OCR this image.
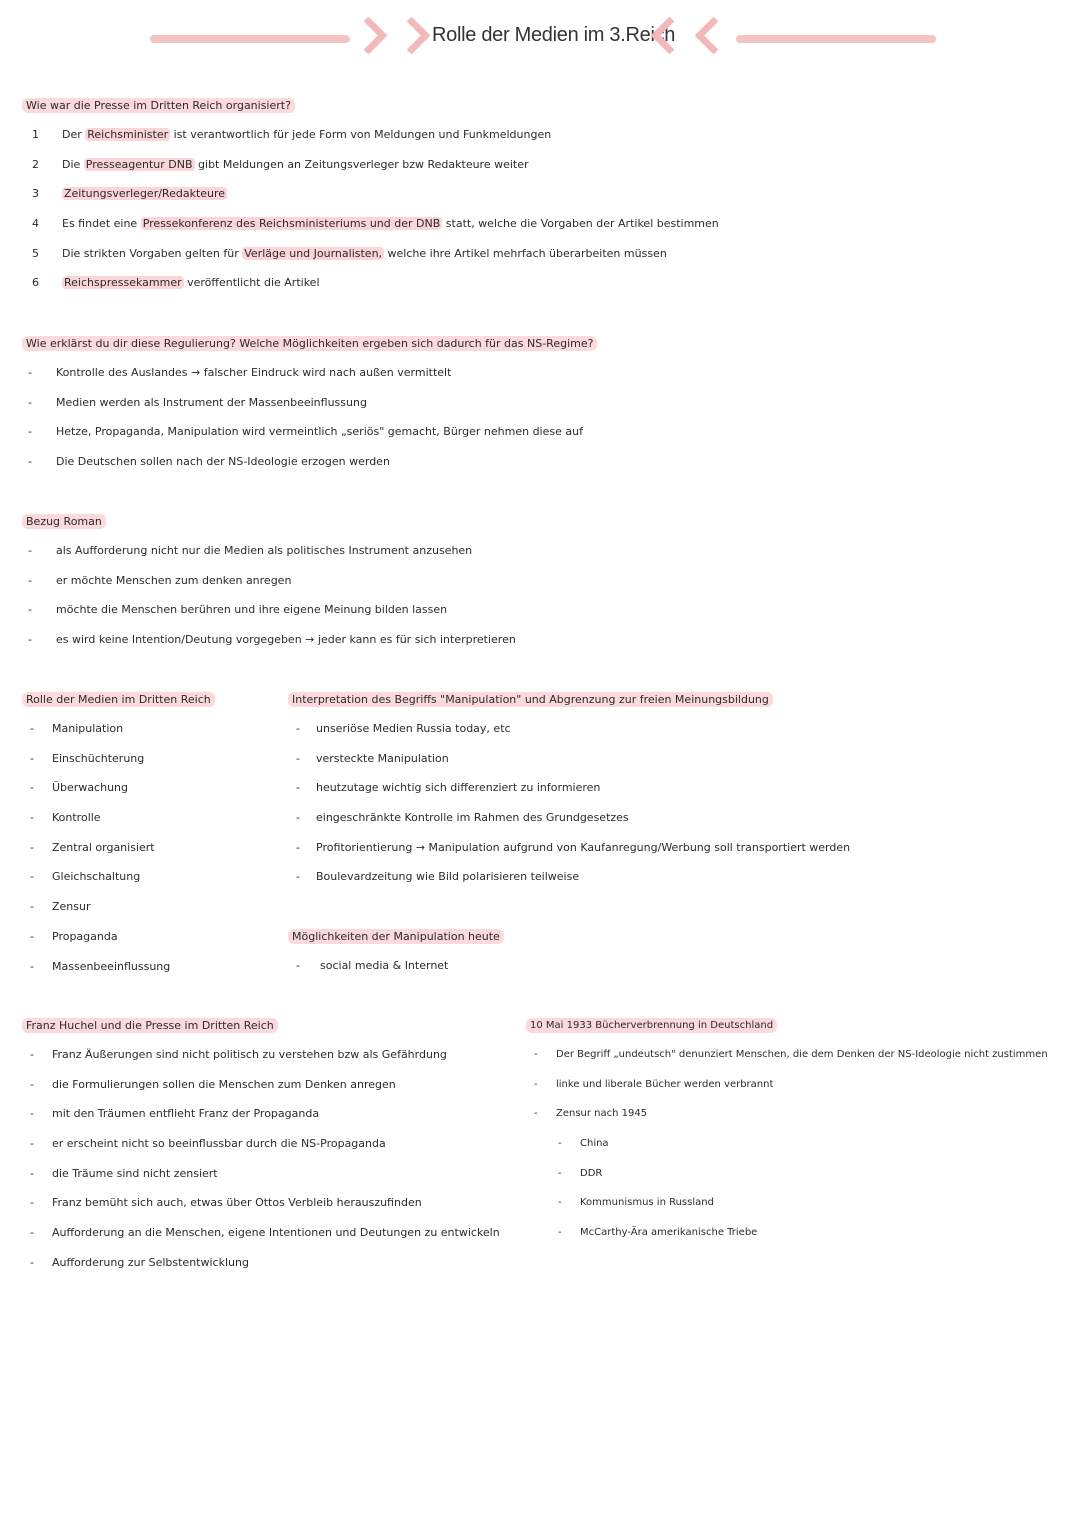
Rolle der Medien im 3.Reich
Wie war die Presse im Dritten Reich organisiert?
1 Der Reichsminister ist verantwortlich für jede Form von Meldungen und Funkmeldungen
2 Die Presseagentur DNB gibt Meldungen an Zeitungsverleger bzw Redakteure weiter
3 Zeitungsverleger/Redakteure
4 Es findet eine Pressekonferenz des Reichsministeriums und der DNB statt, welche die Vorgaben der Artikel bestimmen
5 Die strikten Vorgaben gelten für Verläge und Journalisten, welche ihre Artikel mehrfach überarbeiten müssen
6 Reichspressekammer veröffentlicht die Artikel
Wie erklärst du dir diese Regulierung? Welche Möglichkeiten ergeben sich dadurch für das NS-Regime?
- Kontrolle des Auslandes → falscher Eindruck wird nach außen vermittelt
- Medien werden als Instrument der Massenbeeinflussung
- Hetze, Propaganda, Manipulation wird vermeintlich „seriös" gemacht, Bürger nehmen diese auf
- Die Deutschen sollen nach der NS-Ideologie erzogen werden
Bezug Roman
- als Aufforderung nicht nur die Medien als politisches Instrument anzusehen
- er möchte Menschen zum denken anregen
- möchte die Menschen berühren und ihre eigene Meinung bilden lassen
- es wird keine Intention/Deutung vorgegeben → jeder kann es für sich interpretieren
Rolle der Medien im Dritten Reich
- Manipulation
- Einschüchterung
- Überwachung
- Kontrolle
- Zentral organisiert
- Gleichschaltung
- Zensur
- Propaganda
- Massenbeeinflussung
Interpretation des Begriffs "Manipulation" und Abgrenzung zur freien Meinungsbildung
- unseriöse Medien Russia today, etc
- versteckte Manipulation
- heutzutage wichtig sich differenziert zu informieren
- eingeschränkte Kontrolle im Rahmen des Grundgesetzes
- Profitorientierung → Manipulation aufgrund von Kaufanregung/Werbung soll transportiert werden
- Boulevardzeitung wie Bild polarisieren teilweise
Möglichkeiten der Manipulation heute
- social media & Internet
Franz Huchel und die Presse im Dritten Reich
- Franz Äußerungen sind nicht politisch zu verstehen bzw als Gefährdung
- die Formulierungen sollen die Menschen zum Denken anregen
- mit den Träumen entflieht Franz der Propaganda
- er erscheint nicht so beeinflussbar durch die NS-Propaganda
- die Träume sind nicht zensiert
- Franz bemüht sich auch, etwas über Ottos Verbleib herauszufinden
- Aufforderung an die Menschen, eigene Intentionen und Deutungen zu entwickeln
- Aufforderung zur Selbstentwicklung
10 Mai 1933 Bücherverbrennung in Deutschland
- Der Begriff „undeutsch" denunziert Menschen, die dem Denken der NS-Ideologie nicht zustimmen
- linke und liberale Bücher werden verbrannt
- Zensur nach 1945
- China
- DDR
- Kommunismus in Russland
- McCarthy-Ära amerikanische Triebe
